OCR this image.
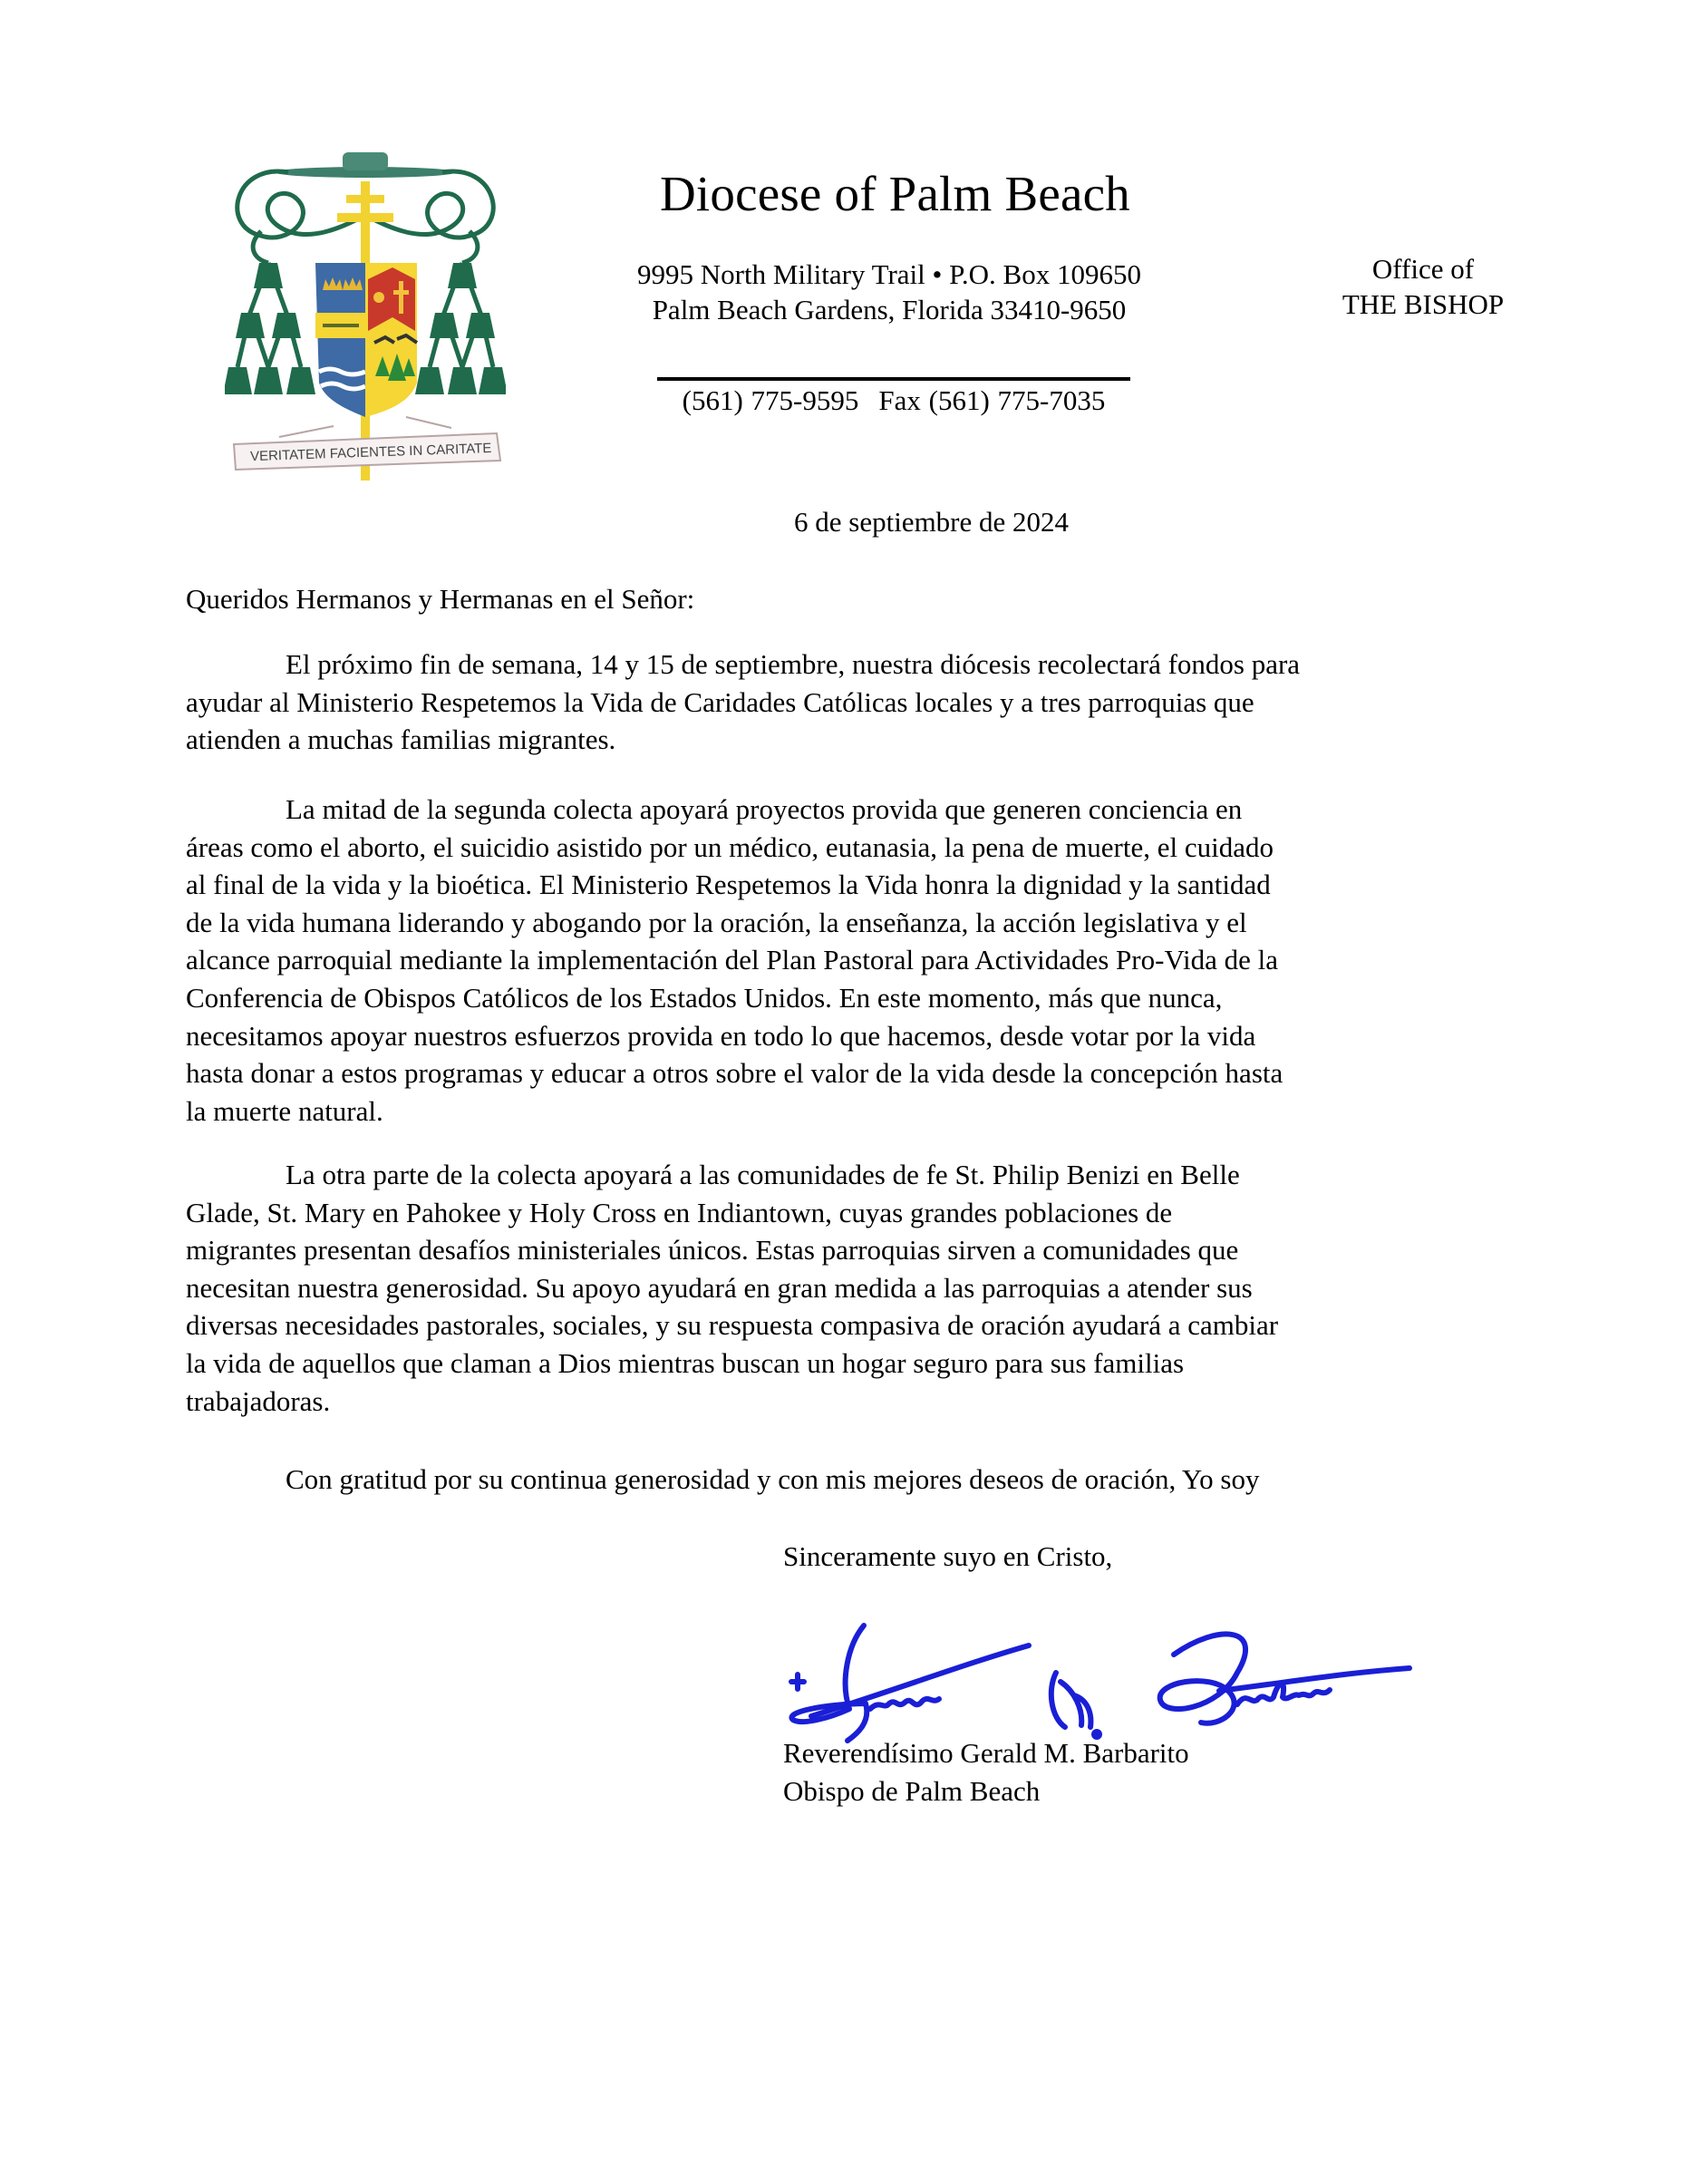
VERITATEM FACIENTES IN CARITATE
Diocese of Palm Beach
9995 North Military Trail • P.O. Box 109650
Palm Beach Gardens, Florida 33410-9650
(561) 775-9595 Fax (561) 775-7035
Office of
THE BISHOP
6 de septiembre de 2024
Queridos Hermanos y Hermanas en el Señor:
El próximo fin de semana, 14 y 15 de septiembre, nuestra diócesis recolectará fondos para
ayudar al Ministerio Respetemos la Vida de Caridades Católicas locales y a tres parroquias que
atienden a muchas familias migrantes.
La mitad de la segunda colecta apoyará proyectos provida que generen conciencia en
áreas como el aborto, el suicidio asistido por un médico, eutanasia, la pena de muerte, el cuidado
al final de la vida y la bioética. El Ministerio Respetemos la Vida honra la dignidad y la santidad
de la vida humana liderando y abogando por la oración, la enseñanza, la acción legislativa y el
alcance parroquial mediante la implementación del Plan Pastoral para Actividades Pro-Vida de la
Conferencia de Obispos Católicos de los Estados Unidos. En este momento, más que nunca,
necesitamos apoyar nuestros esfuerzos provida en todo lo que hacemos, desde votar por la vida
hasta donar a estos programas y educar a otros sobre el valor de la vida desde la concepción hasta
la muerte natural.
La otra parte de la colecta apoyará a las comunidades de fe St. Philip Benizi en Belle
Glade, St. Mary en Pahokee y Holy Cross en Indiantown, cuyas grandes poblaciones de
migrantes presentan desafíos ministeriales únicos. Estas parroquias sirven a comunidades que
necesitan nuestra generosidad. Su apoyo ayudará en gran medida a las parroquias a atender sus
diversas necesidades pastorales, sociales, y su respuesta compasiva de oración ayudará a cambiar
la vida de aquellos que claman a Dios mientras buscan un hogar seguro para sus familias
trabajadoras.
Con gratitud por su continua generosidad y con mis mejores deseos de oración, Yo soy
Sinceramente suyo en Cristo,
Reverendísimo Gerald M. Barbarito
Obispo de Palm Beach
